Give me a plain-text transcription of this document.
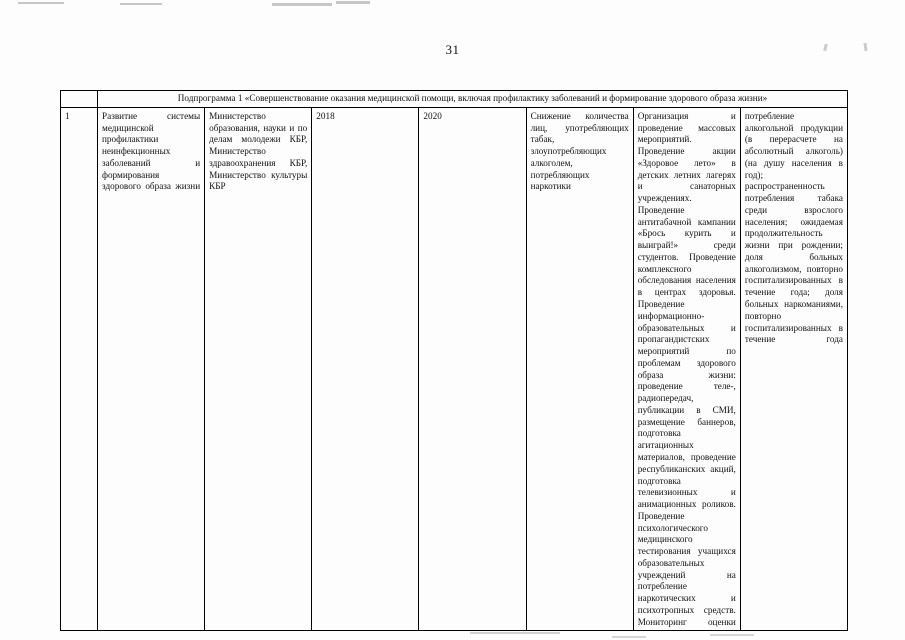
31
	Подпрограмма 1 «Совершенствование оказания медицинской помощи, включая профилактику заболеваний и формирование здорового образа жизни»						
1	Развитие системы медицинской профилактики неинфекционных заболеваний и формирования здорового образа жизни	Министерство образования, науки и по делам молодежи КБР, Министерство здравоохранения КБР, Министерство культуры КБР	2018	2020	Снижение количества лиц, употребляющих табак, злоупотребляющих алкоголем, потребляющих наркотики	Организация и проведение массовых мероприятий. Проведение акции «Здоровое лето» в детских летних лагерях и санаторных учреждениях. Проведение антитабачной кампании «Брось курить и выиграй!» среди студентов. Проведение комплексного обследования населения в центрах здоровья. Проведение информационно-образовательных и пропагандистских мероприятий по проблемам здорового образа жизни: проведение теле-, радиопередач, публикации в СМИ, размещение баннеров, подготовка агитационных материалов, проведение республиканских акций, подготовка телевизионных и анимационных роликов. Проведение психологического медицинского тестирования учащихся образовательных учреждений на потребление наркотических и психотропных средств. Мониторинг оценки	потребление алкогольной продукции (в перерасчете на абсолютный алкоголь) (на душу населения в год); распространенность потребления табака среди взрослого населения; ожидаемая продолжительность жизни при рождении; доля больных алкоголизмом, повторно госпитализированных в течение года; доля больных наркоманиями, повторно госпитализированных в течение года
